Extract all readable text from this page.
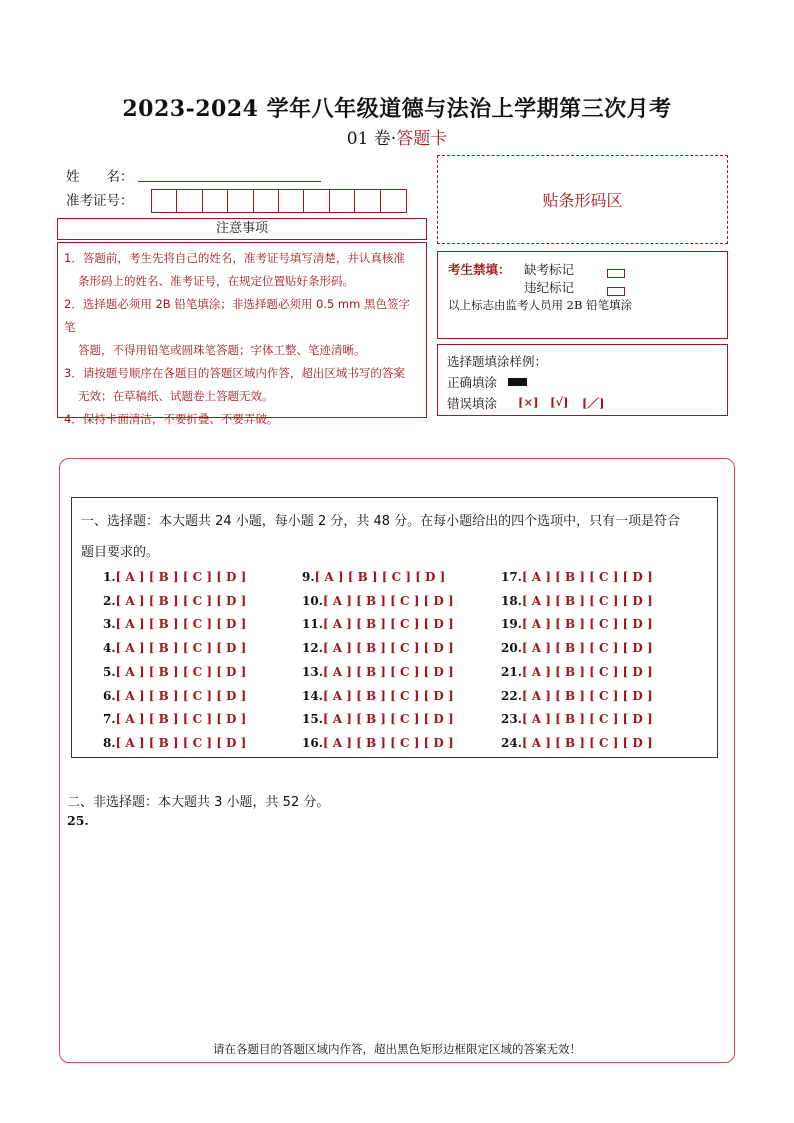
2023-2024 学年八年级道德与法治上学期第三次月考
01 卷·答题卡
姓　　名：
准考证号：
注意事项
1．答题前，考生先将自己的姓名，准考证号填写清楚，并认真核准
条形码上的姓名、准考证号，在规定位置贴好条形码。
2．选择题必须用 2B 铅笔填涂；非选择题必须用 0.5 mm 黑色签字笔
答题，不得用铅笔或圆珠笔答题；字体工整、笔迹清晰。
3．请按题号顺序在各题目的答题区域内作答，超出区域书写的答案
无效；在草稿纸、试题卷上答题无效。
4．保持卡面清洁，不要折叠、不要弄破。
贴条形码区
考生禁填： 缺考标记
违纪标记
以上标志由监考人员用 2B 铅笔填涂
选择题填涂样例：
正确填涂
错误填涂 [×] [√] [／]
一、选择题：本大题共 24 小题，每小题 2 分，共 48 分。在每小题给出的四个选项中，只有一项是符合
题目要求的。
1.[ A ] [ B ] [ C ] [ D ]
2.[ A ] [ B ] [ C ] [ D ]
3.[ A ] [ B ] [ C ] [ D ]
4.[ A ] [ B ] [ C ] [ D ]
5.[ A ] [ B ] [ C ] [ D ]
6.[ A ] [ B ] [ C ] [ D ]
7.[ A ] [ B ] [ C ] [ D ]
8.[ A ] [ B ] [ C ] [ D ]
9.[ A ] [ B ] [ C ] [ D ]
10.[ A ] [ B ] [ C ] [ D ]
11.[ A ] [ B ] [ C ] [ D ]
12.[ A ] [ B ] [ C ] [ D ]
13.[ A ] [ B ] [ C ] [ D ]
14.[ A ] [ B ] [ C ] [ D ]
15.[ A ] [ B ] [ C ] [ D ]
16.[ A ] [ B ] [ C ] [ D ]
17.[ A ] [ B ] [ C ] [ D ]
18.[ A ] [ B ] [ C ] [ D ]
19.[ A ] [ B ] [ C ] [ D ]
20.[ A ] [ B ] [ C ] [ D ]
21.[ A ] [ B ] [ C ] [ D ]
22.[ A ] [ B ] [ C ] [ D ]
23.[ A ] [ B ] [ C ] [ D ]
24.[ A ] [ B ] [ C ] [ D ]
二、非选择题：本大题共 3 小题，共 52 分。
25.
请在各题目的答题区域内作答，超出黑色矩形边框限定区域的答案无效！
